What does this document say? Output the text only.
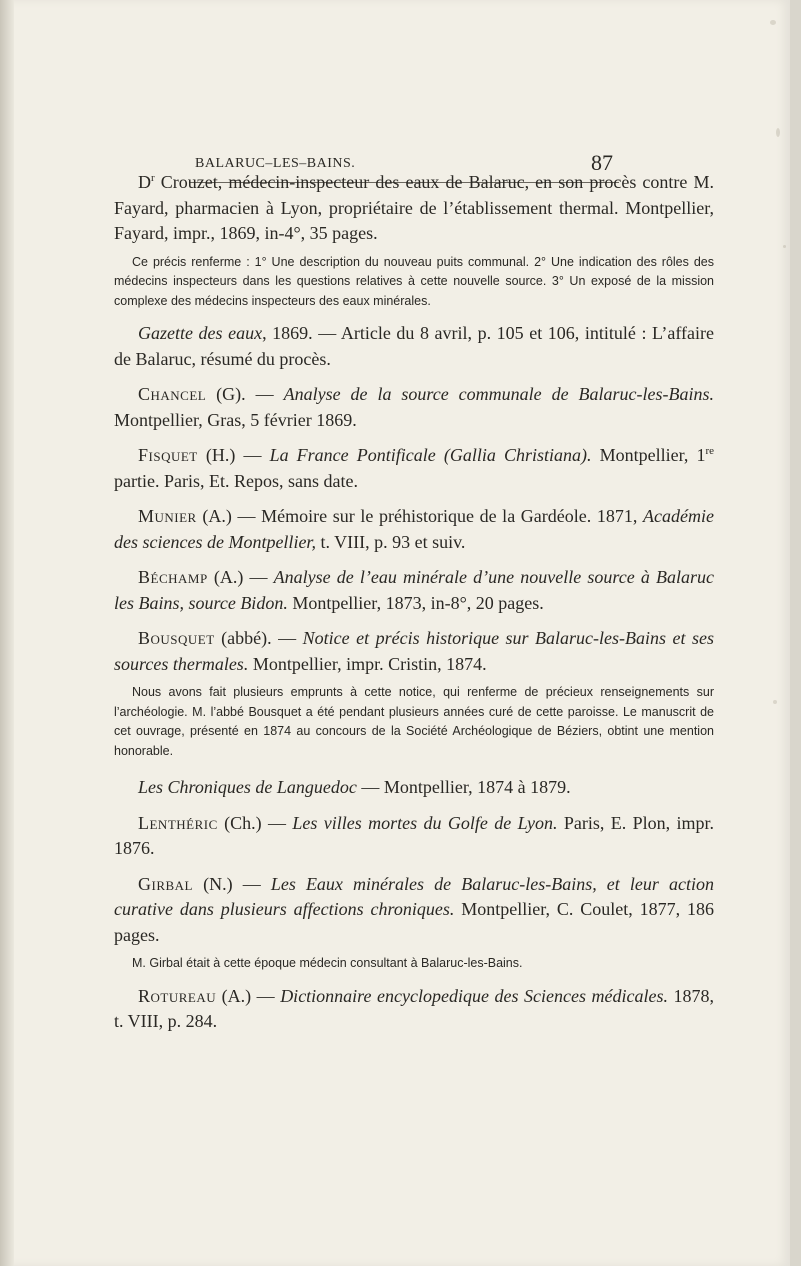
BALARUC–LES–BAINS.	87

$D^r$ Crouzet, médecin-inspecteur des eaux de Balaruc, en son procès contre M. Fayard, pharmacien à Lyon, propriétaire de l’établissement thermal. Montpellier, Fayard, impr., 1869, in-4°, 35 pages.

Ce précis renferme : 1° Une description du nouveau puits communal. 2° Une indication des rôles des médecins inspecteurs dans les questions relatives à cette nouvelle source. 3° Un exposé de la mission complexe des médecins inspecteurs des eaux minérales.

Gazette des eaux, 1869. — Article du 8 avril, p. 105 et 106, intitulé : L’affaire de Balaruc, résumé du procès.

Chancel (G). — Analyse de la source communale de Balaruc-les-Bains. Montpellier, Gras, 5 février 1869.

Fisquet (H.) — La France Pontificale (Gallia Christiana). Montpellier, 1re partie. Paris, Et. Repos, sans date.

Munier (A.) — Mémoire sur le préhistorique de la Gardéole. 1871, Académie des sciences de Montpellier, t. VIII, p. 93 et suiv.

Béchamp (A.) — Analyse de l’eau minérale d’une nouvelle source à Balaruc les Bains, source Bidon. Montpellier, 1873, in-8°, 20 pages.

Bousquet (abbé). — Notice et précis historique sur Balaruc-les-Bains et ses sources thermales. Montpellier, impr. Cristin, 1874.

Nous avons fait plusieurs emprunts à cette notice, qui renferme de précieux renseignements sur l’archéologie. M. l’abbé Bousquet a été pendant plusieurs années curé de cette paroisse. Le manuscrit de cet ouvrage, présenté en 1874 au concours de la Société Archéologique de Béziers, obtint une mention honorable.

Les Chroniques de Languedoc — Montpellier, 1874 à 1879.

Lenthéric (Ch.) — Les villes mortes du Golfe de Lyon. Paris, E. Plon, impr. 1876.

Girbal (N.) — Les Eaux minérales de Balaruc-les-Bains, et leur action curative dans plusieurs affections chroniques. Montpellier, C. Coulet, 1877, 186 pages.

M. Girbal était à cette époque médecin consultant à Balaruc-les-Bains.

Rotureau (A.) — Dictionnaire encyclopedique des Sciences médicales. 1878, t. VIII, p. 284.
